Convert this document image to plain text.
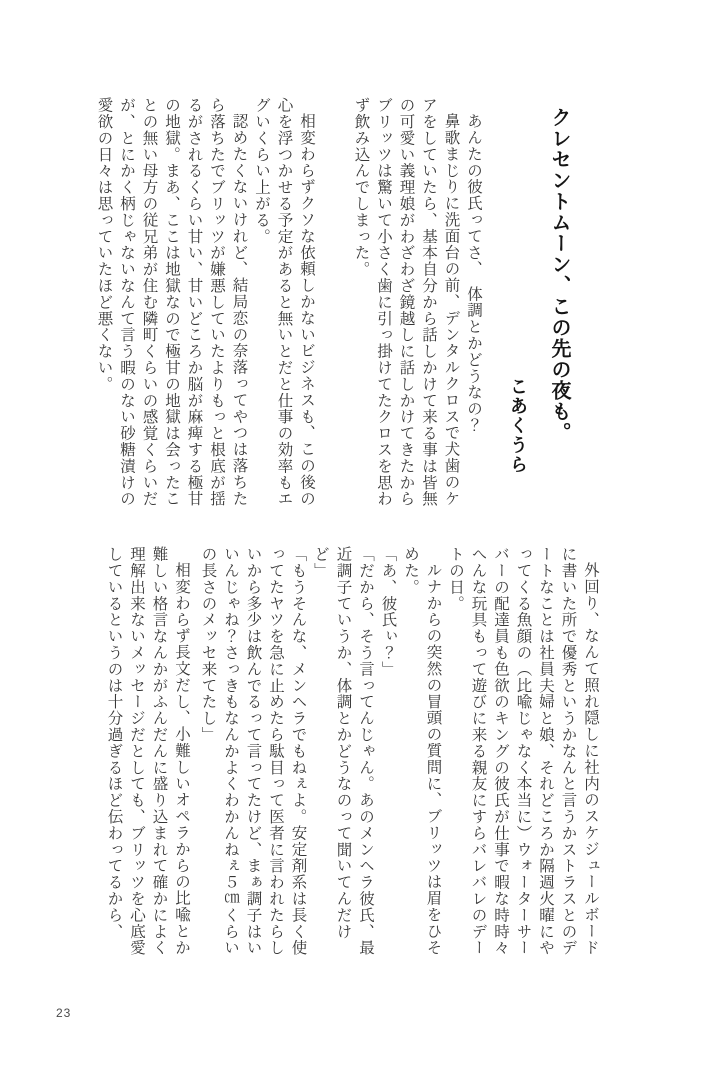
クレセントムーン、この先の夜も。
こあくうら

あんたの彼氏ってさ、　体調とかどうなの？

鼻歌まじりに洗面台の前、デンタルクロスで犬歯のケアをしていたら、基本自分から話しかけて来る事は皆無の可愛い義理娘がわざわざ鏡越しに話しかけてきたからブリッツは驚いて小さく歯に引っ掛けてたクロスを思わず飲み込んでしまった。

相変わらずクソな依頼しかないビジネスも、この後の心を浮つかせる予定があると無いとだと仕事の効率もエグいくらい上がる。

認めたくないけれど、結局恋の奈落ってやつは落ちたら落ちたでブリッツが嫌悪していたよりもっと根底が揺るがされるくらい甘い、甘いどころか脳が麻痺する極甘の地獄。まあ、ここは地獄なので極甘の地獄は会ったことの無い母方の従兄弟が住む隣町くらいの感覚くらいだが、とにかく柄じゃないなんて言う暇のない砂糖漬けの愛欲の日々は思っていたほど悪くない。

外回り、なんて照れ隠しに社内のスケジュールボードに書いた所で優秀というかなんと言うかストラスとのデートなことは社員夫婦と娘、それどころか隔週火曜にやってくる魚顔の（比喩じゃなく本当に）ウォーターサーバーの配達員も色欲のキングの彼氏が仕事で暇な時時々へんな玩具もって遊びに来る親友にすらバレバレのデートの日。

ルナからの突然の冒頭の質問に、ブリッツは眉をひそめた。

「あ、彼氏ぃ？」

「だから、そう言ってんじゃん。あのメンヘラ彼氏、最近調子ていうか、体調とかどうなのって聞いてんだけど」

「もうそんな、メンヘラでもねぇよ。安定剤系は長く使ってたヤツを急に止めたら駄目って医者に言われたらしいから多少は飲んでるって言ってたけど、まぁ調子はいいんじゃね？さっきもなんかよくわかんねぇ５㎝くらいの長さのメッセ来てたし」

相変わらず長文だし、小難しいオペラからの比喩とか難しい格言なんかがふんだんに盛り込まれて確かによく理解出来ないメッセージだとしても、ブリッツを心底愛しているというのは十分過ぎるほど伝わってるから、

23
